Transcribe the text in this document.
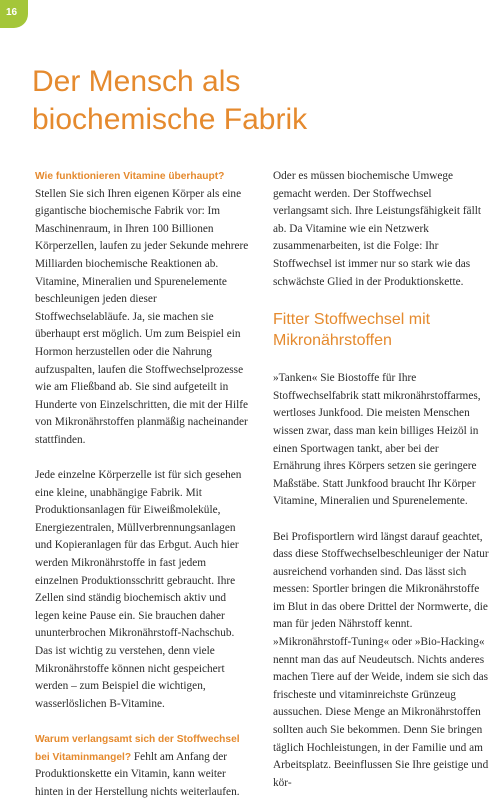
16
Der Mensch als
biochemische Fabrik

Wie funktionieren Vitamine überhaupt? Stellen Sie sich Ihren eigenen Körper als eine gigantische biochemische Fabrik vor: Im Maschinenraum, in Ihren 100 Billionen Körperzellen, laufen zu jeder Sekunde mehrere Milliarden biochemische Reaktionen ab. Vitamine, Mineralien und Spurenelemente beschleunigen jeden dieser Stoffwechselabläufe. Ja, sie machen sie überhaupt erst möglich. Um zum Beispiel ein Hormon herzustellen oder die Nahrung aufzuspalten, laufen die Stoffwechselprozesse wie am Fließband ab. Sie sind aufgeteilt in Hunderte von Einzelschritten, die mit der Hilfe von Mikronährstoffen planmäßig nacheinander stattfinden.

Jede einzelne Körperzelle ist für sich gesehen eine kleine, unabhängige Fabrik. Mit Produktionsanlagen für Eiweißmoleküle, Energiezentralen, Müllverbrennungsanlagen und Kopieranlagen für das Erbgut. Auch hier werden Mikronährstoffe in fast jedem einzelnen Produktionsschritt gebraucht. Ihre Zellen sind ständig biochemisch aktiv und legen keine Pause ein. Sie brauchen daher ununterbrochen Mikronährstoff-Nachschub. Das ist wichtig zu verstehen, denn viele Mikronährstoffe können nicht gespeichert werden – zum Beispiel die wichtigen, wasserlöslichen B-Vitamine.

Warum verlangsamt sich der Stoffwechsel bei Vitaminmangel? Fehlt am Anfang der Produktionskette ein Vitamin, kann weiter hinten in der Herstellung nichts weiterlaufen.

Oder es müssen biochemische Umwege gemacht werden. Der Stoffwechsel verlangsamt sich. Ihre Leistungsfähigkeit fällt ab. Da Vitamine wie ein Netzwerk zusammenarbeiten, ist die Folge: Ihr Stoffwechsel ist immer nur so stark wie das schwächste Glied in der Produktionskette.

Fitter Stoffwechsel mit Mikronährstoffen

»Tanken« Sie Biostoffe für Ihre Stoffwechselfabrik statt mikronährstoffarmes, wertloses Junkfood. Die meisten Menschen wissen zwar, dass man kein billiges Heizöl in einen Sportwagen tankt, aber bei der Ernährung ihres Körpers setzen sie geringere Maßstäbe. Statt Junkfood braucht Ihr Körper Vitamine, Mineralien und Spurenelemente.

Bei Profisportlern wird längst darauf geachtet, dass diese Stoffwechselbeschleuniger der Natur ausreichend vorhanden sind. Das lässt sich messen: Sportler bringen die Mikronährstoffe im Blut in das obere Drittel der Normwerte, die man für jeden Nährstoff kennt. »Mikronährstoff-Tuning« oder »Bio-Hacking« nennt man das auf Neudeutsch. Nichts anderes machen Tiere auf der Weide, indem sie sich das frischeste und vitaminreichste Grünzeug aussuchen. Diese Menge an Mikronährstoffen sollten auch Sie bekommen. Denn Sie bringen täglich Hochleistungen, in der Familie und am Arbeitsplatz. Beeinflussen Sie Ihre geistige und kör-
